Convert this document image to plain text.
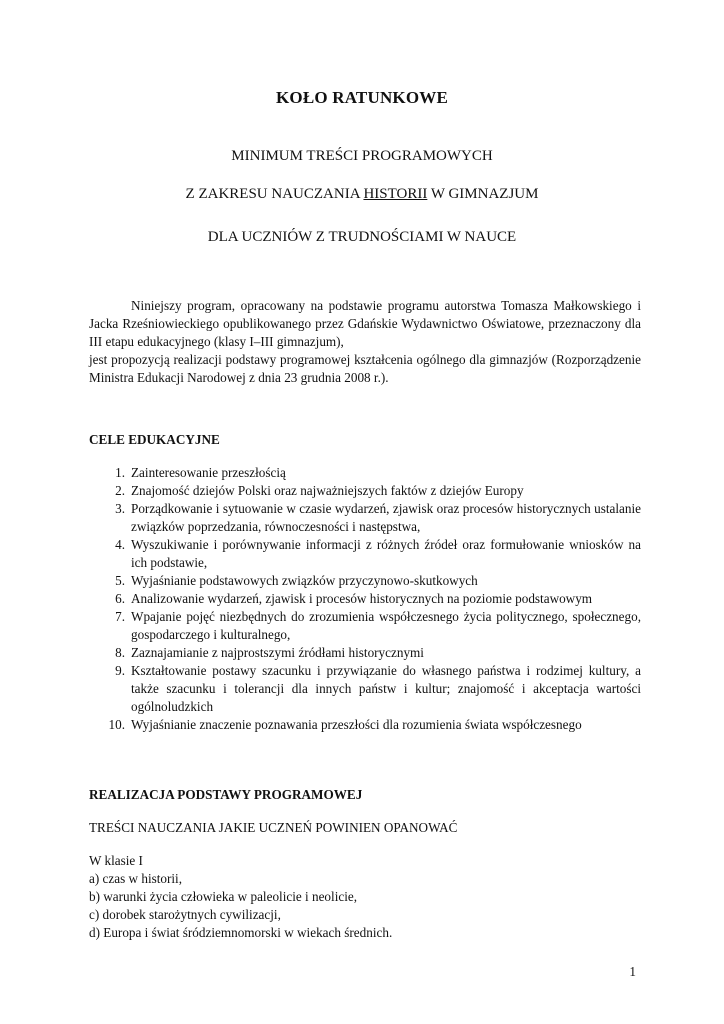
KOŁO RATUNKOWE
MINIMUM TREŚCI PROGRAMOWYCH
Z ZAKRESU NAUCZANIA HISTORII W GIMNAZJUM
DLA UCZNIÓW Z TRUDNOŚCIAMI W NAUCE

Niniejszy program, opracowany na podstawie programu autorstwa Tomasza Małkowskiego i Jacka Rześniowieckiego opublikowanego przez Gdańskie Wydawnictwo Oświatowe, przeznaczony dla III etapu edukacyjnego (klasy I–III gimnazjum),

jest propozycją realizacji podstawy programowej kształcenia ogólnego dla gimnazjów (Rozporządzenie Ministra Edukacji Narodowej z dnia 23 grudnia 2008 r.).

CELE EDUKACYJNE
1. Zainteresowanie przeszłością
2. Znajomość dziejów Polski oraz najważniejszych faktów z dziejów Europy
3. Porządkowanie i sytuowanie w czasie wydarzeń, zjawisk oraz procesów historycznych ustalanie związków poprzedzania, równoczesności i następstwa,
4. Wyszukiwanie i porównywanie informacji z różnych źródeł oraz formułowanie wniosków na ich podstawie,
5. Wyjaśnianie podstawowych związków przyczynowo-skutkowych
6. Analizowanie wydarzeń, zjawisk i procesów historycznych na poziomie podstawowym
7. Wpajanie pojęć niezbędnych do zrozumienia współczesnego życia politycznego, społecznego, gospodarczego i kulturalnego,
8. Zaznajamianie z najprostszymi źródłami historycznymi
9. Kształtowanie postawy szacunku i przywiązanie do własnego państwa i rodzimej kultury, a także szacunku i tolerancji dla innych państw i kultur; znajomość i akceptacja wartości ogólnoludzkich
10. Wyjaśnianie znaczenie poznawania przeszłości dla rozumienia świata współczesnego
REALIZACJA PODSTAWY PROGRAMOWEJ
TREŚCI NAUCZANIA JAKIE UCZNEŃ POWINIEN OPANOWAĆ
W klasie I
a) czas w historii,
b) warunki życia człowieka w paleolicie i neolicie,
c) dorobek starożytnych cywilizacji,
d) Europa i świat śródziemnomorski w wiekach średnich.
1
